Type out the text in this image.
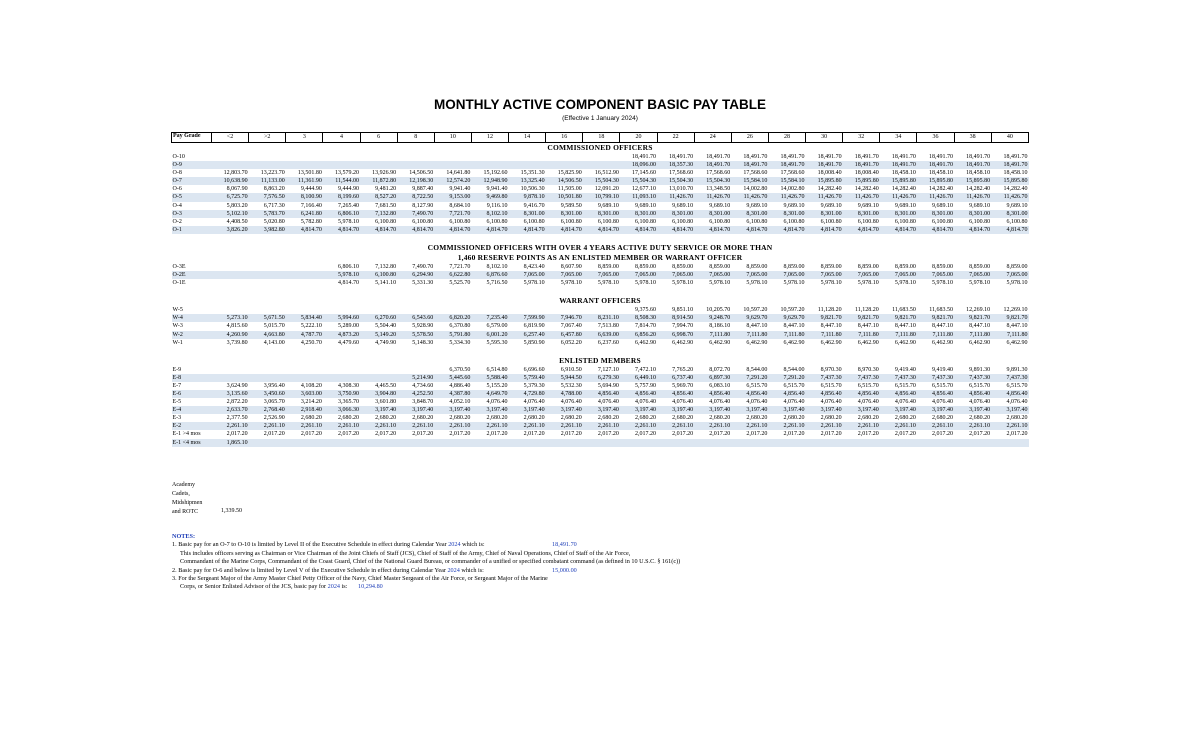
MONTHLY ACTIVE COMPONENT BASIC PAY TABLE
(Effective 1 January 2024)
Pay Grade	<2	>2	3	4	6	8	10	12	14	16	18	20	22	24	26	28	30	32	34	36	38	40
COMMISSIONED OFFICERS																						
O-10												18,491.70	18,491.70	18,491.70	18,491.70	18,491.70	18,491.70	18,491.70	18,491.70	18,491.70	18,491.70	18,491.70
O-9												18,096.00	18,357.30	18,491.70	18,491.70	18,491.70	18,491.70	18,491.70	18,491.70	18,491.70	18,491.70	18,491.70
O-8	12,803.70	13,223.70	13,501.80	13,579.20	13,926.90	14,506.50	14,641.80	15,192.60	15,351.30	15,825.90	16,512.90	17,145.60	17,568.60	17,568.60	17,568.60	17,568.60	18,008.40	18,008.40	18,458.10	18,458.10	18,458.10	18,458.10
O-7	10,638.90	11,133.00	11,361.90	11,544.00	11,872.80	12,198.30	12,574.20	12,948.90	13,325.40	14,506.50	15,504.30	15,504.30	15,504.30	15,504.30	15,584.10	15,584.10	15,895.80	15,895.80	15,895.80	15,895.80	15,895.80	15,895.80
O-6	8,067.90	8,863.20	9,444.90	9,444.90	9,481.20	9,887.40	9,941.40	9,941.40	10,506.30	11,505.00	12,091.20	12,677.10	13,010.70	13,348.50	14,002.80	14,002.80	14,282.40	14,282.40	14,282.40	14,282.40	14,282.40	14,282.40
O-5	6,725.70	7,576.50	8,100.90	8,199.60	8,527.20	8,722.50	9,153.00	9,469.80	9,878.10	10,501.80	10,799.10	11,093.10	11,426.70	11,426.70	11,426.70	11,426.70	11,426.70	11,426.70	11,426.70	11,426.70	11,426.70	11,426.70
O-4	5,803.20	6,717.30	7,166.40	7,265.40	7,681.50	8,127.90	8,684.10	9,116.10	9,416.70	9,589.50	9,689.10	9,689.10	9,689.10	9,689.10	9,689.10	9,689.10	9,689.10	9,689.10	9,689.10	9,689.10	9,689.10	9,689.10
O-3	5,102.10	5,783.70	6,241.80	6,806.10	7,132.80	7,490.70	7,721.70	8,102.10	8,301.00	8,301.00	8,301.00	8,301.00	8,301.00	8,301.00	8,301.00	8,301.00	8,301.00	8,301.00	8,301.00	8,301.00	8,301.00	8,301.00
O-2	4,408.50	5,020.80	5,782.80	5,978.10	6,100.80	6,100.80	6,100.80	6,100.80	6,100.80	6,100.80	6,100.80	6,100.80	6,100.80	6,100.80	6,100.80	6,100.80	6,100.80	6,100.80	6,100.80	6,100.80	6,100.80	6,100.80
O-1	3,826.20	3,982.80	4,814.70	4,814.70	4,814.70	4,814.70	4,814.70	4,814.70	4,814.70	4,814.70	4,814.70	4,814.70	4,814.70	4,814.70	4,814.70	4,814.70	4,814.70	4,814.70	4,814.70	4,814.70	4,814.70	4,814.70

COMMISSIONED OFFICERS WITH OVER 4 YEARS ACTIVE DUTY SERVICE OR MORE THAN																						
1,460 RESERVE POINTS AS AN ENLISTED MEMBER OR WARRANT OFFICER																						
O-3E				6,806.10	7,132.80	7,490.70	7,721.70	8,102.10	8,423.40	8,607.90	8,859.00	8,859.00	8,859.00	8,859.00	8,859.00	8,859.00	8,859.00	8,859.00	8,859.00	8,859.00	8,859.00	8,859.00
O-2E				5,978.10	6,100.80	6,294.90	6,622.80	6,876.60	7,065.00	7,065.00	7,065.00	7,065.00	7,065.00	7,065.00	7,065.00	7,065.00	7,065.00	7,065.00	7,065.00	7,065.00	7,065.00	7,065.00
O-1E				4,814.70	5,141.10	5,331.30	5,525.70	5,716.50	5,978.10	5,978.10	5,978.10	5,978.10	5,978.10	5,978.10	5,978.10	5,978.10	5,978.10	5,978.10	5,978.10	5,978.10	5,978.10	5,978.10

WARRANT OFFICERS																						
W-5												9,375.60	9,851.10	10,205.70	10,597.20	10,597.20	11,128.20	11,128.20	11,683.50	11,683.50	12,269.10	12,269.10
W-4	5,273.10	5,671.50	5,834.40	5,994.60	6,270.60	6,543.60	6,820.20	7,235.40	7,599.90	7,946.70	8,231.10	8,508.30	8,914.50	9,248.70	9,629.70	9,629.70	9,821.70	9,821.70	9,821.70	9,821.70	9,821.70	9,821.70
W-3	4,815.60	5,015.70	5,222.10	5,289.00	5,504.40	5,928.90	6,370.80	6,579.00	6,819.90	7,067.40	7,513.80	7,814.70	7,994.70	8,186.10	8,447.10	8,447.10	8,447.10	8,447.10	8,447.10	8,447.10	8,447.10	8,447.10
W-2	4,260.90	4,663.80	4,787.70	4,873.20	5,149.20	5,578.50	5,791.80	6,001.20	6,257.40	6,457.80	6,639.00	6,856.20	6,998.70	7,111.80	7,111.80	7,111.80	7,111.80	7,111.80	7,111.80	7,111.80	7,111.80	7,111.80
W-1	3,739.80	4,143.00	4,250.70	4,479.60	4,749.90	5,148.30	5,334.30	5,595.30	5,850.90	6,052.20	6,237.60	6,462.90	6,462.90	6,462.90	6,462.90	6,462.90	6,462.90	6,462.90	6,462.90	6,462.90	6,462.90	6,462.90

ENLISTED MEMBERS																						
E-9							6,370.50	6,514.80	6,696.60	6,910.50	7,127.10	7,472.10	7,765.20	8,072.70	8,544.00	8,544.00	8,970.30	8,970.30	9,419.40	9,419.40	9,891.30	9,891.30
E-8						5,214.90	5,445.60	5,588.40	5,759.40	5,944.50	6,279.30	6,449.10	6,737.40	6,897.30	7,291.20	7,291.20	7,437.30	7,437.30	7,437.30	7,437.30	7,437.30	7,437.30
E-7	3,624.90	3,956.40	4,108.20	4,308.30	4,465.50	4,734.60	4,886.40	5,155.20	5,379.30	5,532.30	5,694.90	5,757.90	5,969.70	6,083.10	6,515.70	6,515.70	6,515.70	6,515.70	6,515.70	6,515.70	6,515.70	6,515.70
E-6	3,135.60	3,450.60	3,603.00	3,750.90	3,904.80	4,252.50	4,387.80	4,649.70	4,729.80	4,788.00	4,856.40	4,856.40	4,856.40	4,856.40	4,856.40	4,856.40	4,856.40	4,856.40	4,856.40	4,856.40	4,856.40	4,856.40
E-5	2,872.20	3,065.70	3,214.20	3,365.70	3,601.80	3,848.70	4,052.10	4,076.40	4,076.40	4,076.40	4,076.40	4,076.40	4,076.40	4,076.40	4,076.40	4,076.40	4,076.40	4,076.40	4,076.40	4,076.40	4,076.40	4,076.40
E-4	2,633.70	2,768.40	2,918.40	3,066.30	3,197.40	3,197.40	3,197.40	3,197.40	3,197.40	3,197.40	3,197.40	3,197.40	3,197.40	3,197.40	3,197.40	3,197.40	3,197.40	3,197.40	3,197.40	3,197.40	3,197.40	3,197.40
E-3	2,377.50	2,526.90	2,680.20	2,680.20	2,680.20	2,680.20	2,680.20	2,680.20	2,680.20	2,680.20	2,680.20	2,680.20	2,680.20	2,680.20	2,680.20	2,680.20	2,680.20	2,680.20	2,680.20	2,680.20	2,680.20	2,680.20
E-2	2,261.10	2,261.10	2,261.10	2,261.10	2,261.10	2,261.10	2,261.10	2,261.10	2,261.10	2,261.10	2,261.10	2,261.10	2,261.10	2,261.10	2,261.10	2,261.10	2,261.10	2,261.10	2,261.10	2,261.10	2,261.10	2,261.10
E-1 >4 mos	2,017.20	2,017.20	2,017.20	2,017.20	2,017.20	2,017.20	2,017.20	2,017.20	2,017.20	2,017.20	2,017.20	2,017.20	2,017.20	2,017.20	2,017.20	2,017.20	2,017.20	2,017.20	2,017.20	2,017.20	2,017.20	2,017.20
E-1 <4 mos	1,865.10																					
Academy
Cadets,
Midshipmen
and ROTC	1,339.50
NOTES:
1. Basic pay for an O-7 to O-10 is limited by Level II of the Executive Schedule in effect during Calendar Year 2024 which is:	18,491.70
This includes officers serving as Chairman or Vice Chairman of the Joint Chiefs of Staff (JCS), Chief of Staff of the Army, Chief of Naval Operations, Chief of Staff of the Air Force,
Commandant of the Marine Corps, Commandant of the Coast Guard, Chief of the National Guard Bureau, or commander of a unified or specified combatant command (as defined in 10 U.S.C. § 161(c))
2. Basic pay for O-6 and below is limited by Level V of the Executive Schedule in effect during Calendar Year 2024 which is:	15,000.00
3. For the Sergeant Major of the Army Master Chief Petty Officer of the Navy, Chief Master Sergeant of the Air Force, or Sergeant Major of the Marine
Corps, or Senior Enlisted Advisor of the JCS, basic pay for 2024 is: 10,294.80
